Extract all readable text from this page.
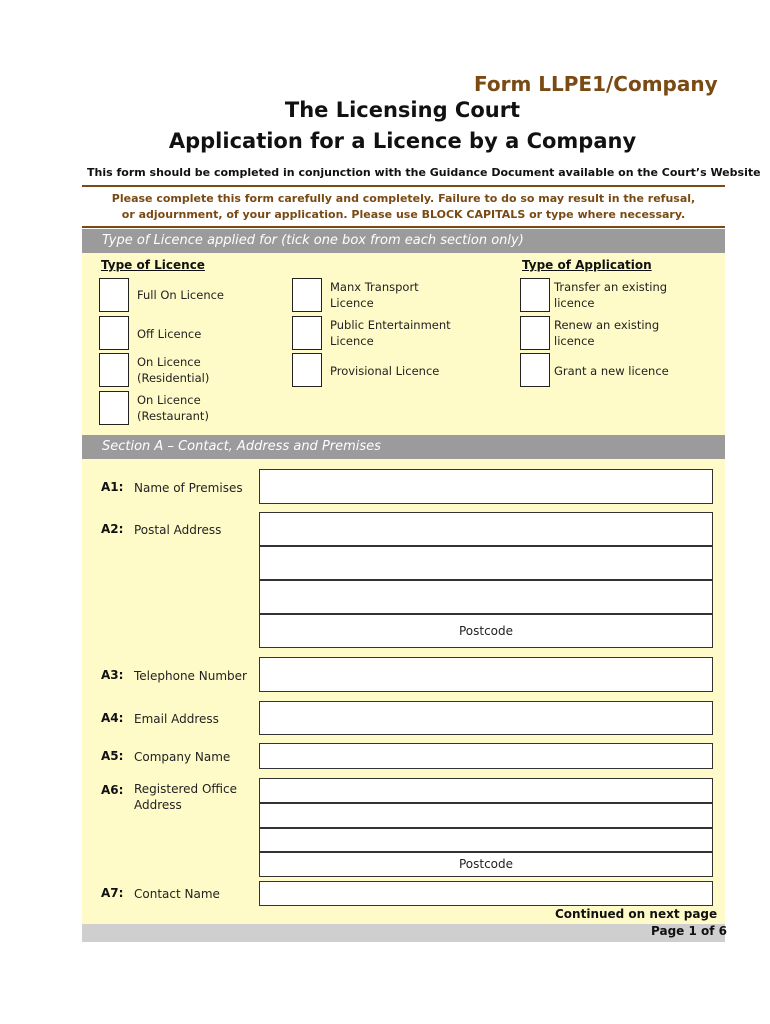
Form LLPE1/Company
The Licensing Court
Application for a Licence by a Company
This form should be completed in conjunction with the Guidance Document available on the Court’s Website
Please complete this form carefully and completely. Failure to do so may result in the refusal,
or adjournment, of your application. Please use BLOCK CAPITALS or type where necessary.
Type of Licence applied for (tick one box from each section only)
Type of Licence	Type of Application
Full On Licence
Off Licence
On Licence
(Residential)
On Licence
(Restaurant)
Manx Transport
Licence
Public Entertainment
Licence
Provisional Licence
Transfer an existing
licence
Renew an existing
licence
Grant a new licence
Section A – Contact, Address and Premises
A1: Name of Premises
A2: Postal Address
Postcode
A3: Telephone Number
A4: Email Address
A5: Company Name
A6: Registered Office
Address
Postcode
A7: Contact Name
Continued on next page
Page 1 of 6
